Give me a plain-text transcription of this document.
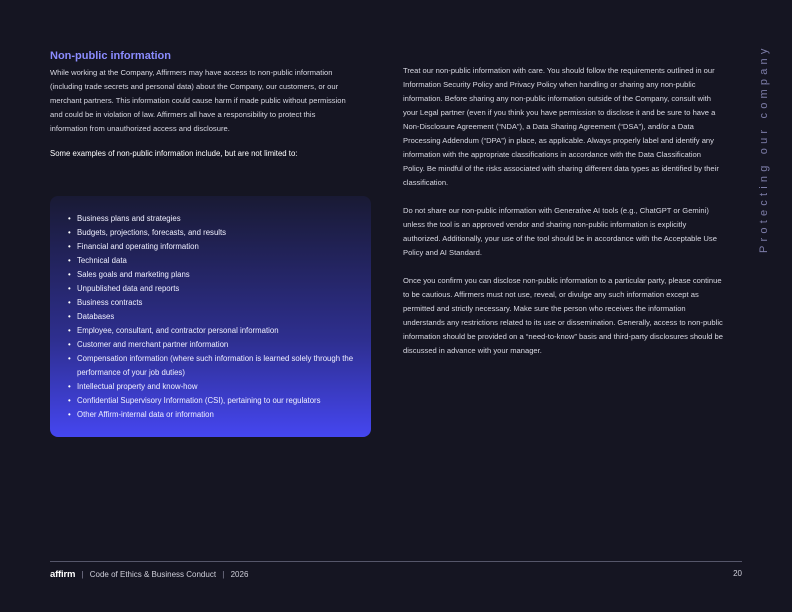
Non-public information

While working at the Company, Affirmers may have access to non-public information (including trade secrets and personal data) about the Company, our customers, or our merchant partners. This information could cause harm if made public without permission and could be in violation of law. Affirmers all have a responsibility to protect this information from unauthorized access and disclosure.

Some examples of non-public information include, but are not limited to:

• Business plans and strategies
• Budgets, projections, forecasts, and results
• Financial and operating information
• Technical data
• Sales goals and marketing plans
• Unpublished data and reports
• Business contracts
• Databases
• Employee, consultant, and contractor personal information
• Customer and merchant partner information
• Compensation information (where such information is learned solely through the performance of your job duties)
• Intellectual property and know-how
• Confidential Supervisory Information (CSI), pertaining to our regulators
• Other Affirm-internal data or information

Treat our non-public information with care. You should follow the requirements outlined in our Information Security Policy and Privacy Policy when handling or sharing any non-public information. Before sharing any non-public information outside of the Company, consult with your Legal partner (even if you think you have permission to disclose it and be sure to have a Non-Disclosure Agreement (“NDA”), a Data Sharing Agreement (“DSA”), and/or a Data Processing Addendum (“DPA”) in place, as applicable. Always properly label and identify any information with the appropriate classifications in accordance with the Data Classification Policy. Be mindful of the risks associated with sharing different data types as identified by their classification.

Do not share our non-public information with Generative AI tools (e.g., ChatGPT or Gemini) unless the tool is an approved vendor and sharing non-public information is explicitly authorized. Additionally, your use of the tool should be in accordance with the Acceptable Use Policy and AI Standard.

Once you confirm you can disclose non-public information to a particular party, please continue to be cautious. Affirmers must not use, reveal, or divulge any such information except as permitted and strictly necessary. Make sure the person who receives the information understands any restrictions related to its use or dissemination. Generally, access to non-public information should be provided on a “need-to-know” basis and third-party disclosures should be discussed in advance with your manager.

Protecting our company
affirm | Code of Ethics & Business Conduct | 2026	20
